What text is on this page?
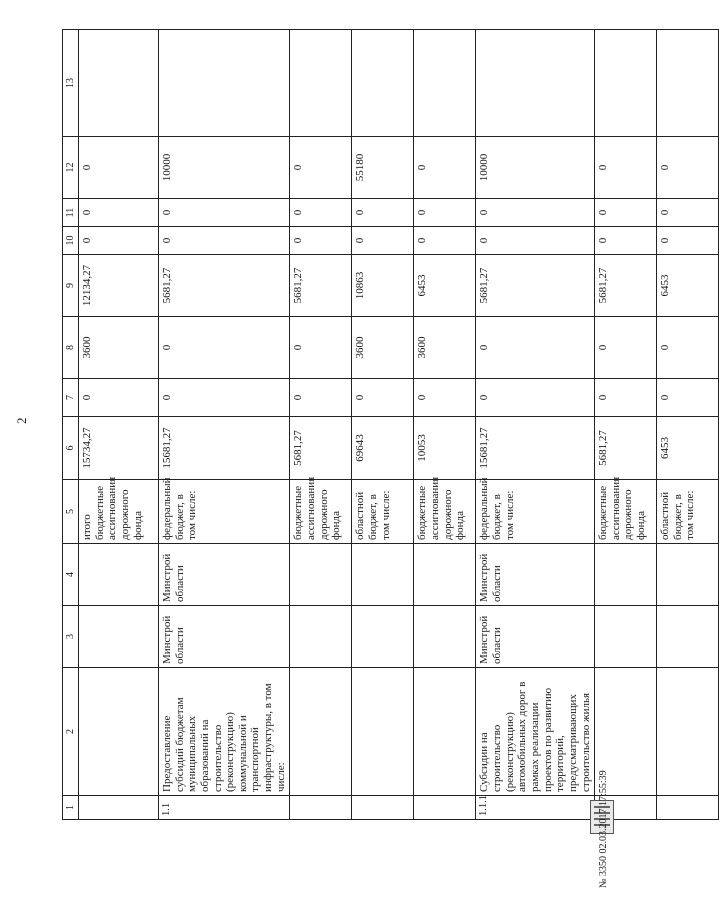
2
1	2	3	4	5	6	7	8	9	10	11	12	13
				итого бюджетные ассигнования дорожного фонда	15734,27	0	3600	12134,27	0	0	0	
1.1	Предоставление субсидий бюджетам муниципальных образований на строительство (реконструкцию) коммунальной и транспортной инфраструктуры, в том числе:	Минстрой области	Минстрой области	федеральный бюджет, в том числе:	15681,27	0	0	5681,27	0	0	10000	
				бюджетные ассигнования дорожного фонда	5681,27	0	0	5681,27	0	0	0	
				областной бюджет, в том числе:	69643	0	3600	10863	0	0	55180	
				бюджетные ассигнования дорожного фонда	10053	0	3600	6453	0	0	0	
1.1.1	Субсидии на строительство (реконструкцию) автомобильных дорог в рамках реализации проектов по развитию территорий, предусматривающих строительство жилья	Минстрой области	Минстрой области	федеральный бюджет, в том числе:	15681,27	0	0	5681,27	0	0	10000	
				бюджетные ассигнования дорожного фонда	5681,27	0	0	5681,27	0	0	0	
				областной бюджет, в том числе:	6453	0	0	6453	0	0	0	
№ 3350 02.03.2017 17:55:39
